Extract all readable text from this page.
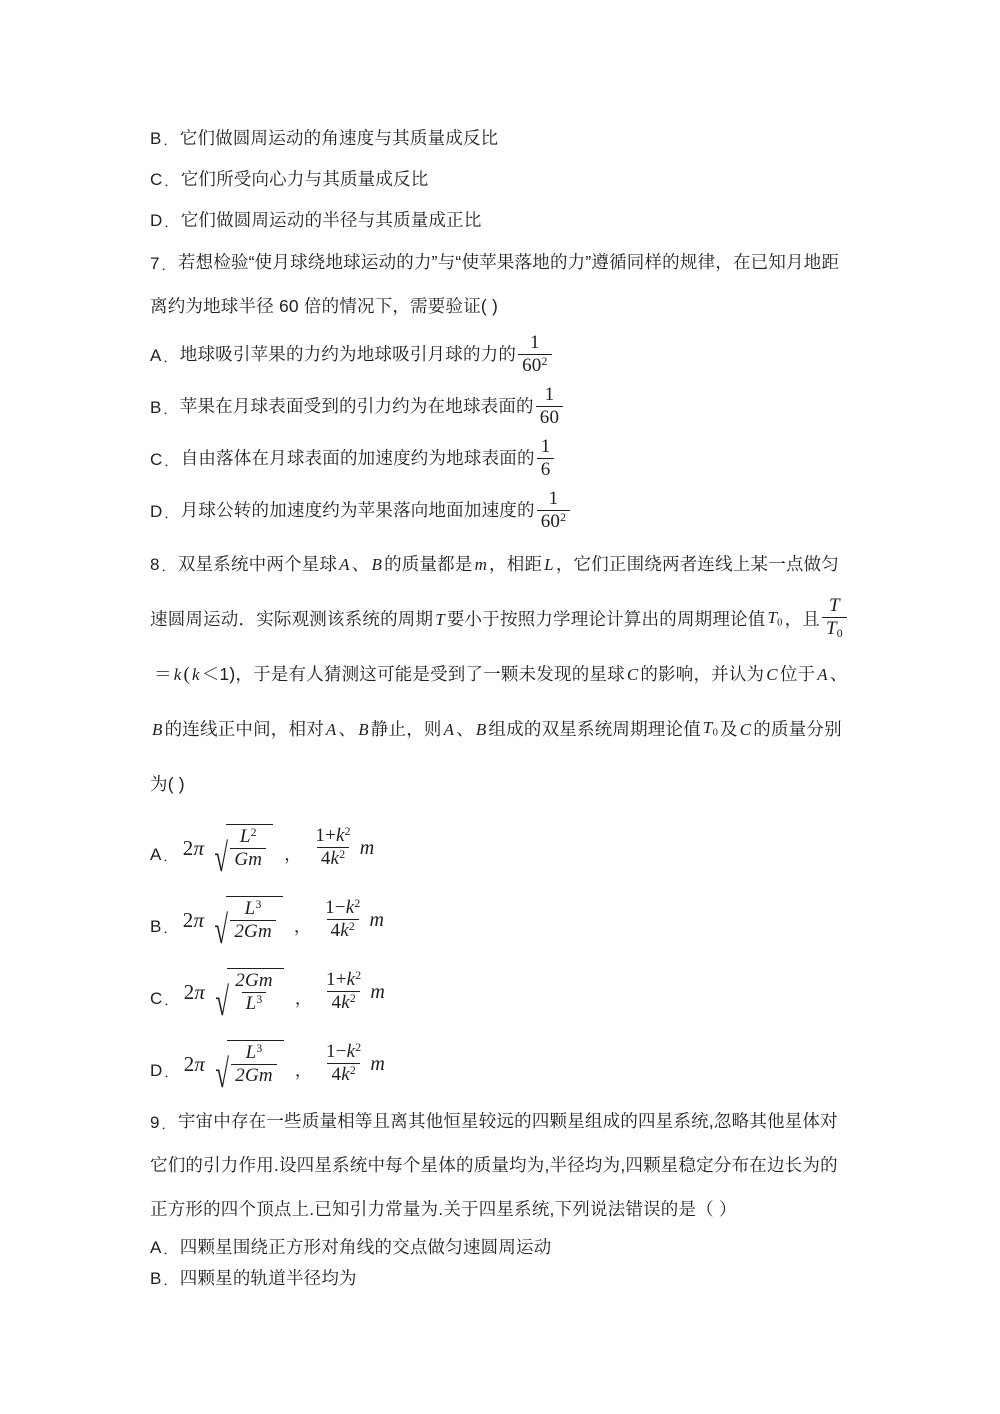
B ． 它们做圆周运动的角速度与其质量成反比
C ． 它们所受向心力与其质量成反比
D ． 它们做圆周运动的半径与其质量成正比
7 ． 若想检验“使月球绕地球运动的力”与“使苹果落地的力”遵循同样的规律，在已知月地距
离约为地球半径 60 倍的情况下，需要验证( )
A ． 地球吸引苹果的力约为地球吸引月球的力的 $\frac{1}{60^2}$
B ． 苹果在月球表面受到的引力约为在地球表面的 $\frac{1}{60}$
C ． 自由落体在月球表面的加速度约为地球表面的 $\frac{1}{6}$
D ． 月球公转的加速度约为苹果落向地面加速度的 $\frac{1}{60^2}$
8 ． 双星系统中两个星球 A 、 B 的质量都是 m ，相距 L ，它们正围绕两者连线上某一点做匀
速圆周运动．实际观测该系统的周期 T 要小于按照力学理论计算出的周期理论值 $T_0$ ，且 $\frac{T}{T_0}$
＝ k ( k ＜1)， 于是有人猜测这可能是受到了一颗未发现的星球 C 的影响，并认为 C 位于 A 、
B 的连线正中间，相对 A 、 B 静止，则 A 、 B 组成的双星系统周期理论值 $T_0$ 及 C 的质量分别
为( )
A ． 2 π √ $\frac{L^2}{Gm}$ ， $\frac{1+k^2}{4k^2}$ m
B ． 2 π √ $\frac{L^3}{2Gm}$ ， $\frac{1-k^2}{4k^2}$ m
C ． 2 π √ $\frac{2Gm}{L^3}$ ， $\frac{1+k^2}{4k^2}$ m
D ． 2 π √ $\frac{L^3}{2Gm}$ ， $\frac{1-k^2}{4k^2}$ m
9 ． 宇宙中存在一些质量相等且离其他恒星较远的四颗星组成的四星系统,忽略其他星体对
它们的引力作用.设四星系统中每个星体的质量均为,半径均为,四颗星稳定分布在边长为的
正方形的四个顶点上.已知引力常量为.关于四星系统,下列说法错误的是（ ）
A ． 四颗星围绕正方形对角线的交点做匀速圆周运动
B ． 四颗星的轨道半径均为
